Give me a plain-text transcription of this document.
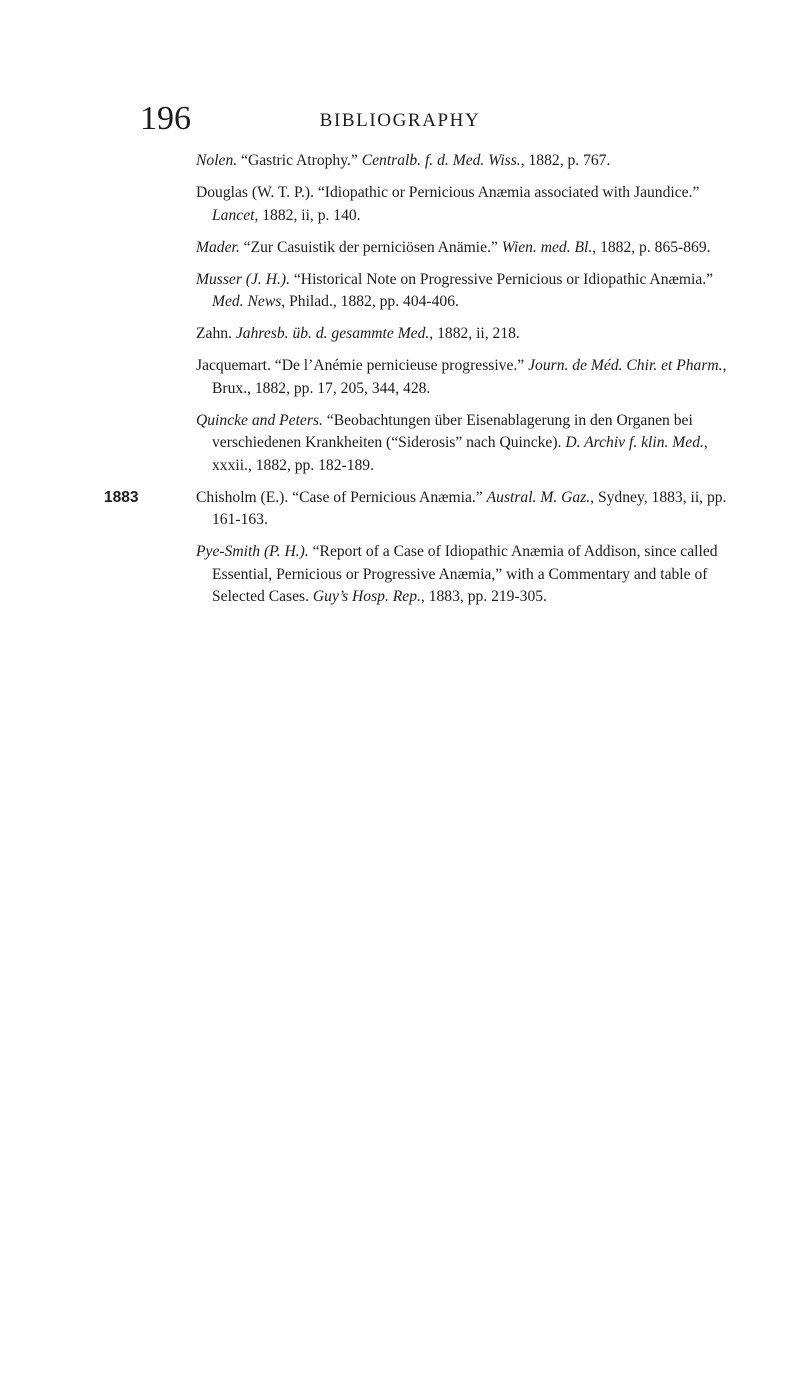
196	BIBLIOGRAPHY
Nolen. “Gastric Atrophy.” Centralb. f. d. Med. Wiss., 1882, p. 767.
Douglas (W. T. P.). “Idiopathic or Pernicious Anæmia associated with Jaundice.” Lancet, 1882, ii, p. 140.
Mader. “Zur Casuistik der perniciösen Anämie.” Wien. med. Bl., 1882, p. 865-869.
Musser (J. H.). “Historical Note on Progressive Pernicious or Idiopathic Anæmia.” Med. News, Philad., 1882, pp. 404-406.
Zahn. Jahresb. üb. d. gesammte Med., 1882, ii, 218.
Jacquemart. “De l’Anémie pernicieuse progressive.” Journ. de Méd. Chir. et Pharm., Brux., 1882, pp. 17, 205, 344, 428.
Quincke and Peters. “Beobachtungen über Eisenablagerung in den Organen bei verschiedenen Krankheiten (“Siderosis” nach Quincke). D. Archiv f. klin. Med., xxxii., 1882, pp. 182-189.
1883	Chisholm (E.). “Case of Pernicious Anæmia.” Austral. M. Gaz., Sydney, 1883, ii, pp. 161-163.
Pye-Smith (P. H.). “Report of a Case of Idiopathic Anæmia of Addison, since called Essential, Pernicious or Progressive Anæmia,” with a Commentary and table of Selected Cases. Guy’s Hosp. Rep., 1883, pp. 219-305.
